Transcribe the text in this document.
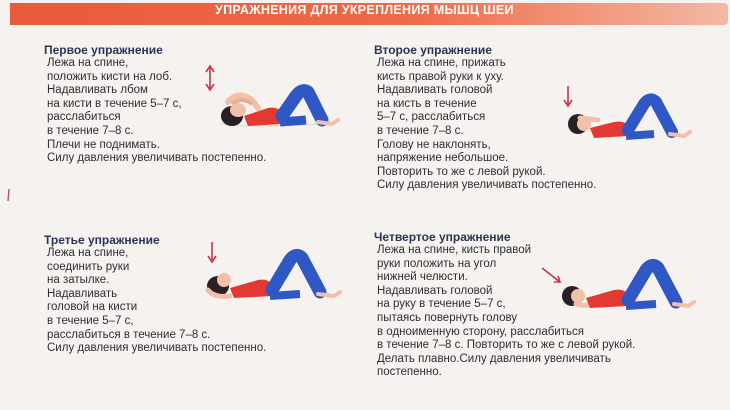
УПРАЖНЕНИЯ ДЛЯ УКРЕПЛЕНИЯ МЫШЦ ШЕИ
Первое упражнение
Лежа на спине,
положить кисти на лоб.
Надавливать лбом
на кисти в течение 5–7 с,
расслабиться
в течение 7–8 с.
Плечи не поднимать.
Силу давления увеличивать постепенно.
Второе упражнение
Лежа на спине, прижать
кисть правой руки к уху.
Надавливать головой
на кисть в течение
5–7 с, расслабиться
в течение 7–8 с.
Голову не наклонять,
напряжение небольшое.
Повторить то же с левой рукой.
Силу давления увеличивать постепенно.
Третье упражнение
Лежа на спине,
соединить руки
на затылке.
Надавливать
головой на кисти
в течение 5–7 с,
расслабиться в течение 7–8 с.
Силу давления увеличивать постепенно.
Четвертое упражнение
Лежа на спине, кисть правой
руки положить на угол
нижней челюсти.
Надавливать головой
на руку в течение 5–7 с,
пытаясь повернуть голову
в одноименную сторону, расслабиться
в течение 7–8 с. Повторить то же с левой рукой.
Делать плавно.Силу давления увеличивать
постепенно.
